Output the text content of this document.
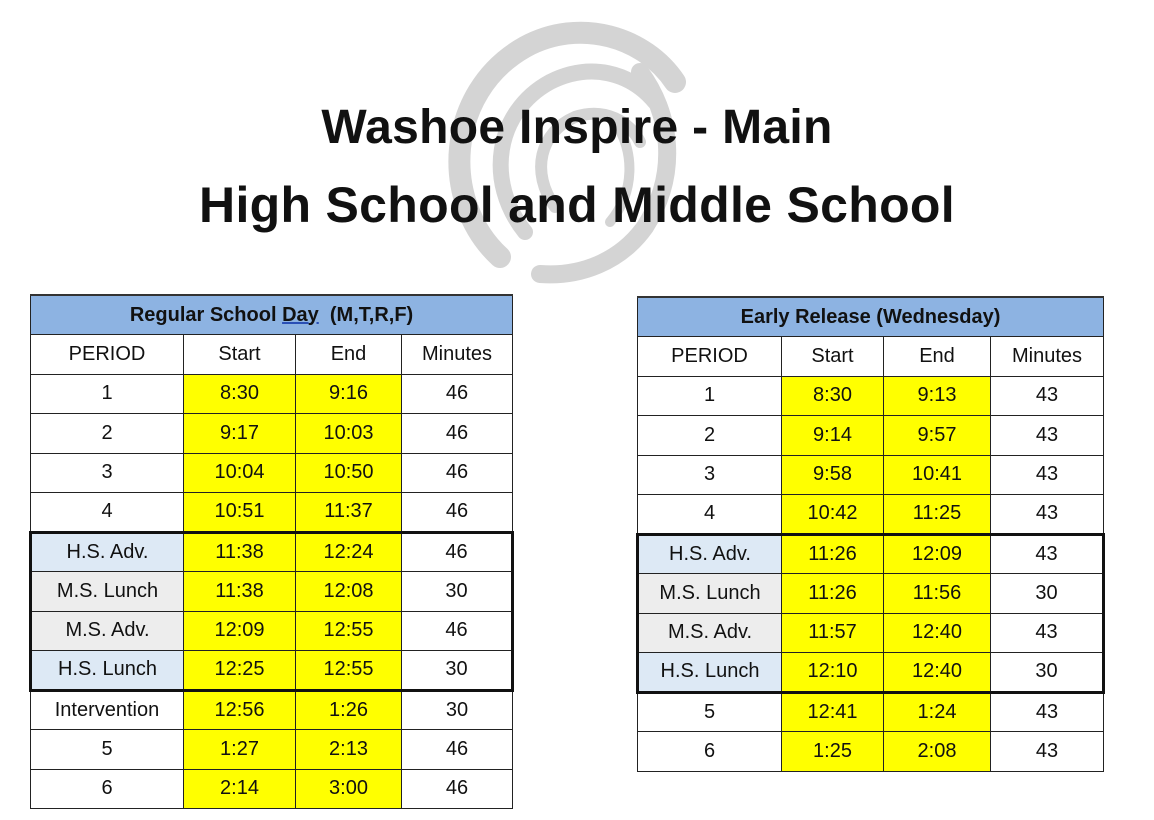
Washoe Inspire - Main
High School and Middle School
Regular School Day  (M,T,R,F)			
PERIOD	Start	End	Minutes
1	8:30	9:16	46
2	9:17	10:03	46
3	10:04	10:50	46
4	10:51	11:37	46
H.S. Adv.	11:38	12:24	46
M.S. Lunch	11:38	12:08	30
M.S. Adv.	12:09	12:55	46
H.S. Lunch	12:25	12:55	30
Intervention	12:56	1:26	30
5	1:27	2:13	46
6	2:14	3:00	46
Early Release (Wednesday)			
PERIOD	Start	End	Minutes
1	8:30	9:13	43
2	9:14	9:57	43
3	9:58	10:41	43
4	10:42	11:25	43
H.S. Adv.	11:26	12:09	43
M.S. Lunch	11:26	11:56	30
M.S. Adv.	11:57	12:40	43
H.S. Lunch	12:10	12:40	30
5	12:41	1:24	43
6	1:25	2:08	43
